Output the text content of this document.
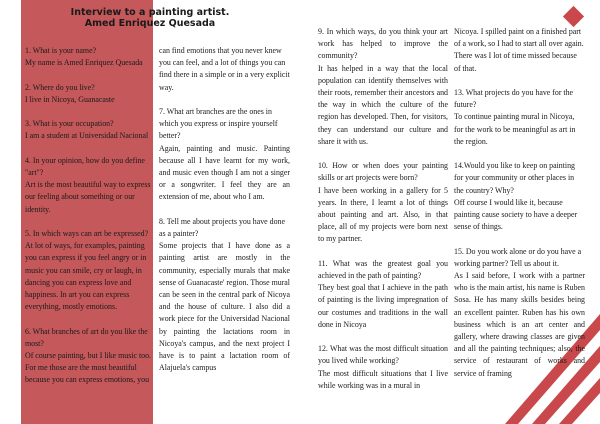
Interview to a painting artist.
Amed Enriquez Quesada

1. What is your name?
My name is Amed Enriquez Quesada

2. Where do you live?
I live in Nicoya, Guanacaste

3. What is your occupation?
I am a student at Universidad Nacional

4. In your opinion, how do you define "art"?
Art is the most beautiful way to express our feeling about something or our identity.

5. In which ways can art be expressed?
At lot of ways, for examples, painting you can express if you feel angry or in music you can smile, cry or laugh, in dancing you can express love and happiness. In art you can express everything, mostly emotions.

6. What branches of art do you like the most?
Of course painting, but I like music too. For me those are the most beautiful because you can express emotions, you

can find emotions that you never knew you can feel, and a lot of things you can find there in a simple or in a very explicit way.

7. What art branches are the ones in which you express or inspire yourself better?
Again, painting and music. Painting because all I have learnt for my work, and music even though I am not a singer or a songwriter. I feel they are an extension of me, about who I am.

8. Tell me about projects you have done as a painter?
Some projects that I have done as a painting artist are mostly in the community, especially murals that make sense of Guanacaste' region. Those mural can be seen in the central park of Nicoya and the house of culture. I also did a work piece for the Universidad Nacional by painting the lactations room in Nicoya's campus, and the next project I have is to paint a lactation room of Alajuela's campus

9. In which ways, do you think your art work has helped to improve the community?
It has helped in a way that the local population can identify themselves with their roots, remember their ancestors and the way in which the culture of the region has developed. Then, for visitors, they can understand our culture and share it with us.

10. How or when does your painting skills or art projects were born?
I have been working in a gallery for 5 years. In there, I learnt a lot of things about painting and art. Also, in that place, all of my projects were born next to my partner.

11. What was the greatest goal you achieved in the path of painting?
They best goal that I achieve in the path of painting is the living impregnation of our costumes and traditions in the wall done in Nicoya

12. What was the most difficult situation you lived while working?
The most difficult situations that I live while working was in a mural in

Nicoya. I spilled paint on a finished part of a work, so I had to start all over again. There was I lot of time missed because of that.

13. What projects do you have for the future?
To continue painting mural in Nicoya, for the work to be meaningful as art in the region.

14.Would you like to keep on painting for your community or other places in the country? Why?
Off course I would like it, because painting cause society to have a deeper sense of things.

15. Do you work alone or do you have a working partner? Tell us about it.
As I said before, I work with a partner who is the main artist, his name is Ruben Sosa. He has many skills besides being an excellent painter. Ruben has his own business which is an art center and gallery, where drawing classes are given and all the painting techniques; also, the service of restaurant of works and service of framing
